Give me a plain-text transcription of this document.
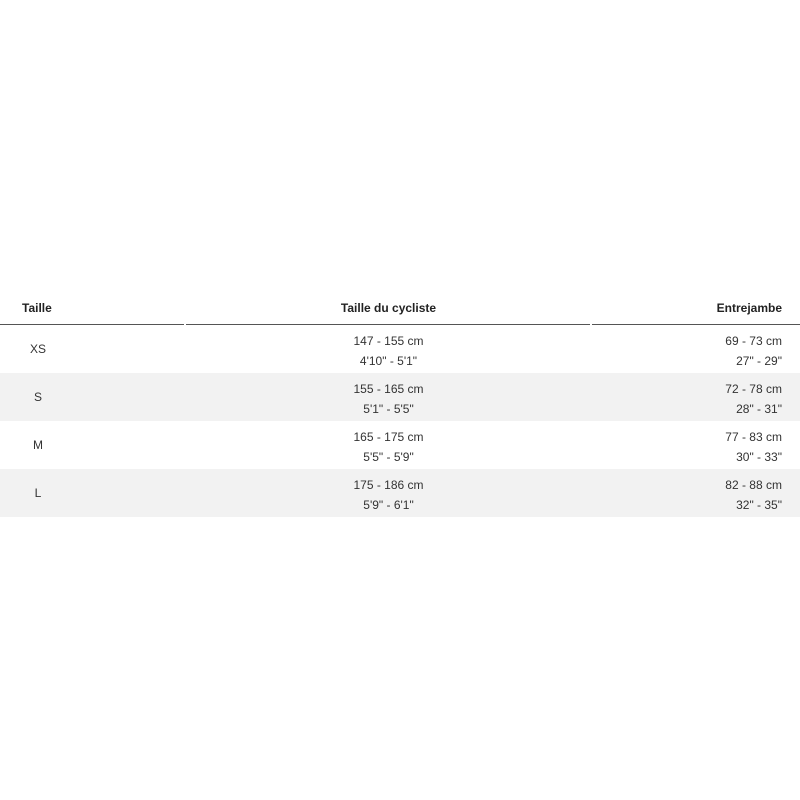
Taille	Taille du cycliste	Entrejambe
XS
147 - 155 cm
4'10" - 5'1"
69 - 73 cm
27" - 29"
S
155 - 165 cm
5'1" - 5'5"
72 - 78 cm
28" - 31"
M
165 - 175 cm
5'5" - 5'9"
77 - 83 cm
30" - 33"
L
175 - 186 cm
5'9" - 6'1"
82 - 88 cm
32" - 35"
